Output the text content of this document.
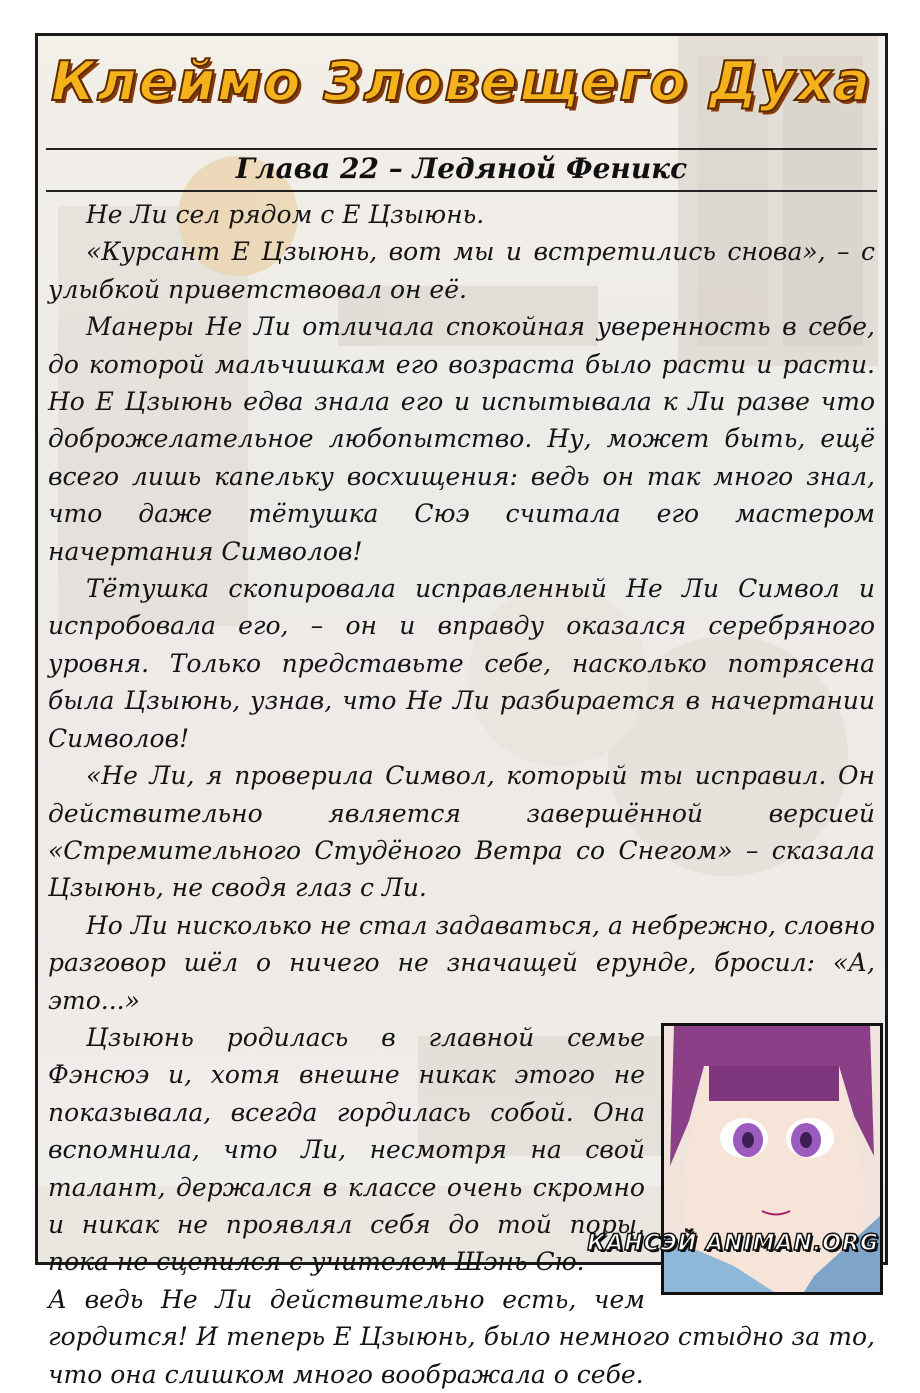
Клеймо Зловещего Духа
Глава 22 – Ледяной Феникс

Не Ли сел рядом с Е Цзыюнь.

«Курсант Е Цзыюнь, вот мы и встретились снова», – с улыбкой приветствовал он её.

Манеры Не Ли отличала спокойная уверенность в себе, до которой мальчишкам его возраста было расти и расти. Но Е Цзыюнь едва знала его и испытывала к Ли разве что доброжелательное любопытство. Ну, может быть, ещё всего лишь капельку восхищения: ведь он так много знал, что даже тётушка Сюэ считала его мастером начертания Символов!

Тётушка скопировала исправленный Не Ли Символ и испробовала его, – он и вправду оказался серебряного уровня. Только представьте себе, насколько потрясена была Цзыюнь, узнав, что Не Ли разбирается в начертании Символов!

«Не Ли, я проверила Символ, который ты исправил. Он действительно является завершённой версией «Стремительного Студёного Ветра со Снегом» – сказала Цзыюнь, не сводя глаз с Ли.

Но Ли нисколько не стал задаваться, а небрежно, словно разговор шёл о ничего не значащей ерунде, бросил: «А, это...»

Цзыюнь родилась в главной семье Фэнсюэ и, хотя внешне никак этого не показывала, всегда гордилась собой. Она вспомнила, что Ли, несмотря на свой талант, держался в классе очень скромно и никак не проявлял себя до той поры, пока не сцепился с учителем Шэнь Сю.

А ведь Не Ли действительно есть, чем гордится! И теперь Е Цзыюнь, было немного стыдно за то, что она слишком много воображала о себе.

КАНСЭЙ ANIMAN.ORG
